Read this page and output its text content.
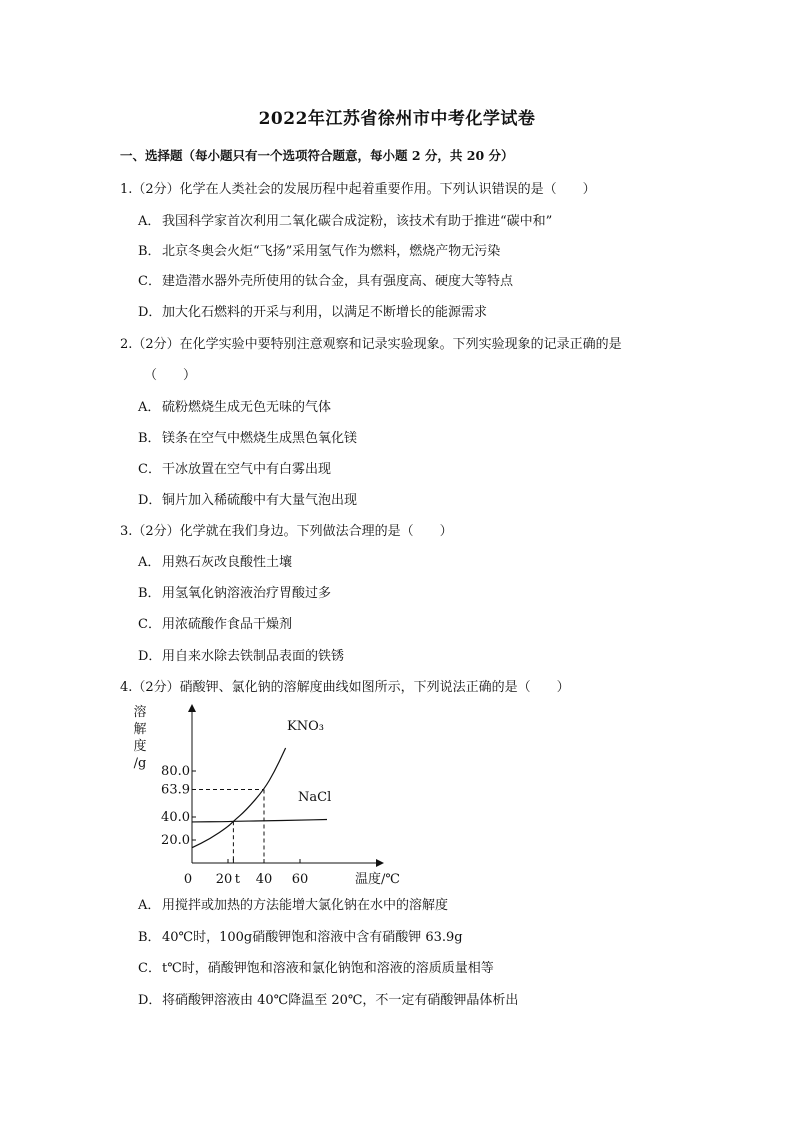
2022年江苏省徐州市中考化学试卷
一、选择题（每小题只有一个选项符合题意，每小题 2 分，共 20 分）
1.（2分）化学在人类社会的发展历程中起着重要作用。下列认识错误的是（　　）
A． 我国科学家首次利用二氧化碳合成淀粉，该技术有助于推进“碳中和”
B．北京冬奥会火炬“飞扬”采用氢气作为燃料，燃烧产物无污染
C．建造潜水器外壳所使用的钛合金，具有强度高、硬度大等特点
D．加大化石燃料的开采与利用，以满足不断增长的能源需求
2.（2分）在化学实验中要特别注意观察和记录实验现象。下列实验现象的记录正确的是
（　　）
A． 硫粉燃烧生成无色无味的气体
B．镁条在空气中燃烧生成黑色氧化镁
C．干冰放置在空气中有白雾出现
D．铜片加入稀硫酸中有大量气泡出现
3.（2分）化学就在我们身边。下列做法合理的是（　　）
A． 用熟石灰改良酸性土壤
B．用氢氧化钠溶液治疗胃酸过多
C．用浓硫酸作食品干燥剂
D．用自来水除去铁制品表面的铁锈
4.（2分）硝酸钾、氯化钠的溶解度曲线如图所示，下列说法正确的是（　　）
溶
解
度
/g
20.0
40.0
63.9
80.0
0 20 t 40 60
KNO₃
NaCl
温度/℃
A． 用搅拌或加热的方法能增大氯化钠在水中的溶解度
B．40℃时，100g硝酸钾饱和溶液中含有硝酸钾 63.9g
C．t℃时，硝酸钾饱和溶液和氯化钠饱和溶液的溶质质量相等
D．将硝酸钾溶液由 40℃降温至 20℃，不一定有硝酸钾晶体析出
